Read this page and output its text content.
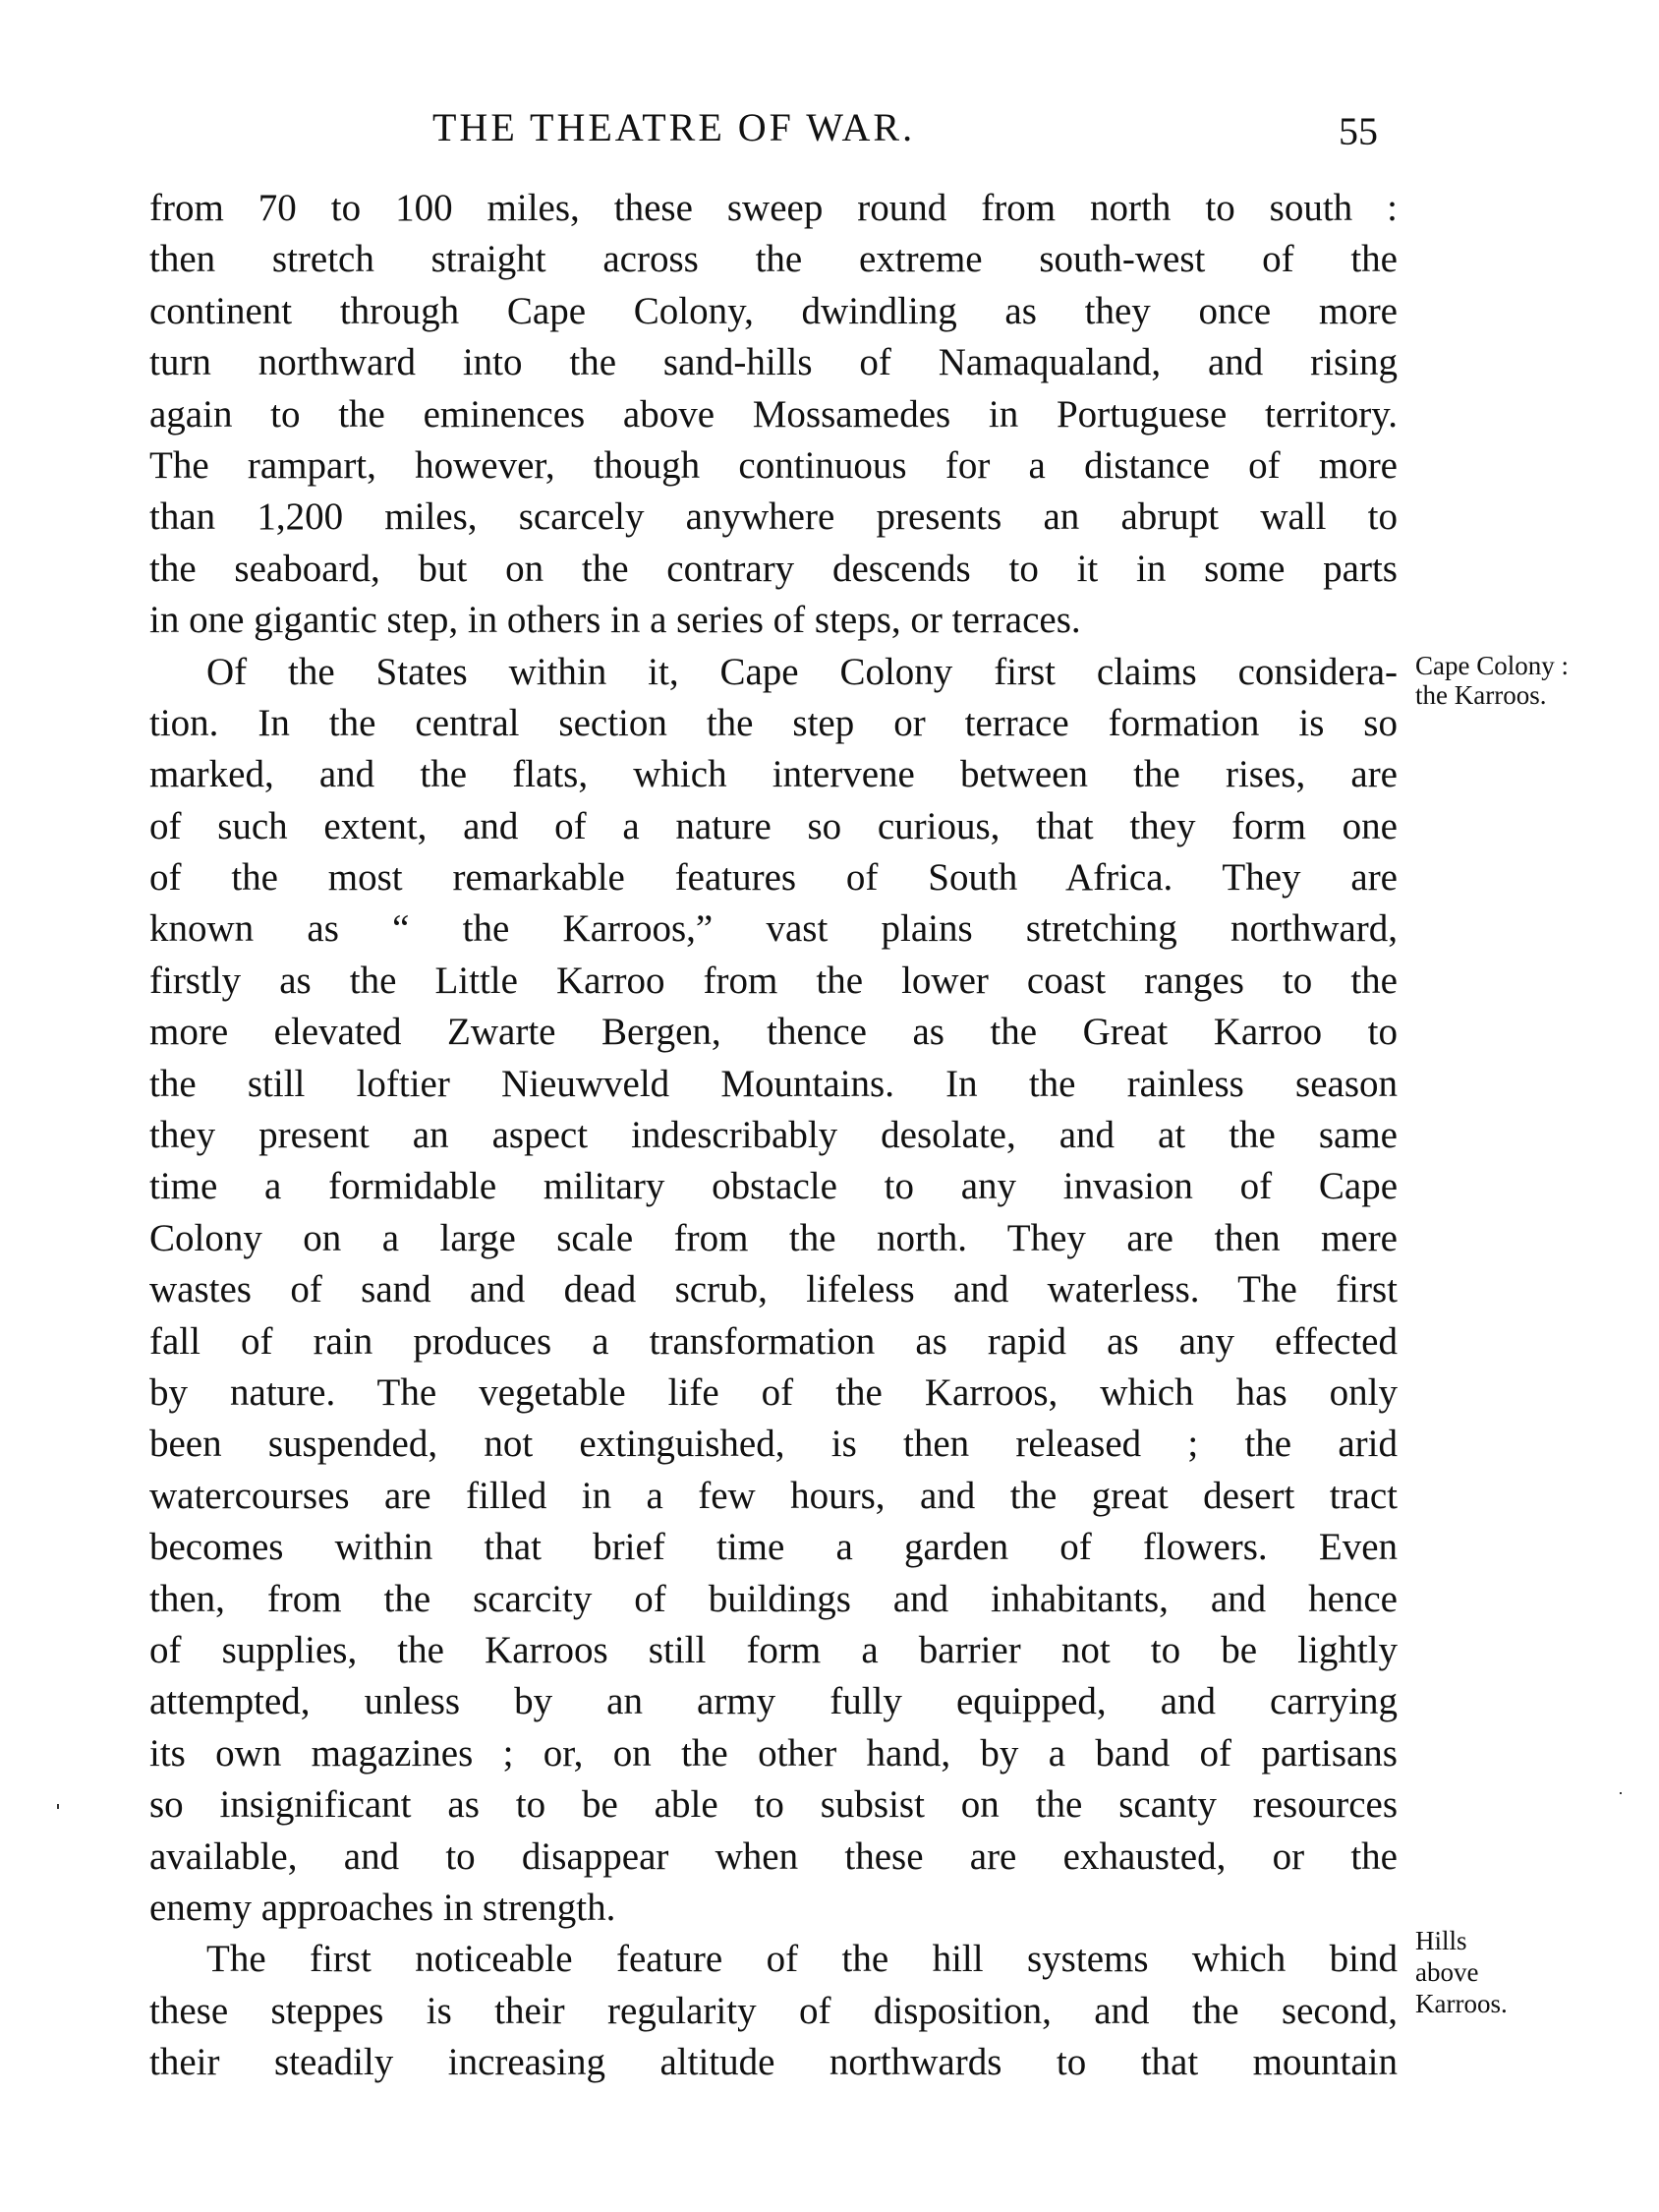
THE THEATRE OF WAR.	55
from 70 to 100 miles, these sweep round from north to south :
then stretch straight across the extreme south-west of the
continent through Cape Colony, dwindling as they once more
turn northward into the sand-hills of Namaqualand, and rising
again to the eminences above Mossamedes in Portuguese territory.
The rampart, however, though continuous for a distance of more
than 1,200 miles, scarcely anywhere presents an abrupt wall to
the seaboard, but on the contrary descends to it in some parts
in one gigantic step, in others in a series of steps, or terraces.
Of the States within it, Cape Colony first claims considera-
tion. In the central section the step or terrace formation is so
marked, and the flats, which intervene between the rises, are
of such extent, and of a nature so curious, that they form one
of the most remarkable features of South Africa. They are
known as “ the Karroos,” vast plains stretching northward,
firstly as the Little Karroo from the lower coast ranges to the
more elevated Zwarte Bergen, thence as the Great Karroo to
the still loftier Nieuwveld Mountains. In the rainless season
they present an aspect indescribably desolate, and at the same
time a formidable military obstacle to any invasion of Cape
Colony on a large scale from the north. They are then mere
wastes of sand and dead scrub, lifeless and waterless. The first
fall of rain produces a transformation as rapid as any effected
by nature. The vegetable life of the Karroos, which has only
been suspended, not extinguished, is then released ; the arid
watercourses are filled in a few hours, and the great desert tract
becomes within that brief time a garden of flowers. Even
then, from the scarcity of buildings and inhabitants, and hence
of supplies, the Karroos still form a barrier not to be lightly
attempted, unless by an army fully equipped, and carrying
its own magazines ; or, on the other hand, by a band of partisans
so insignificant as to be able to subsist on the scanty resources
available, and to disappear when these are exhausted, or the
enemy approaches in strength.
The first noticeable feature of the hill systems which bind
these steppes is their regularity of disposition, and the second,
their steadily increasing altitude northwards to that mountain
Cape Colony :
the Karroos.
Hills
above
Karroos.
